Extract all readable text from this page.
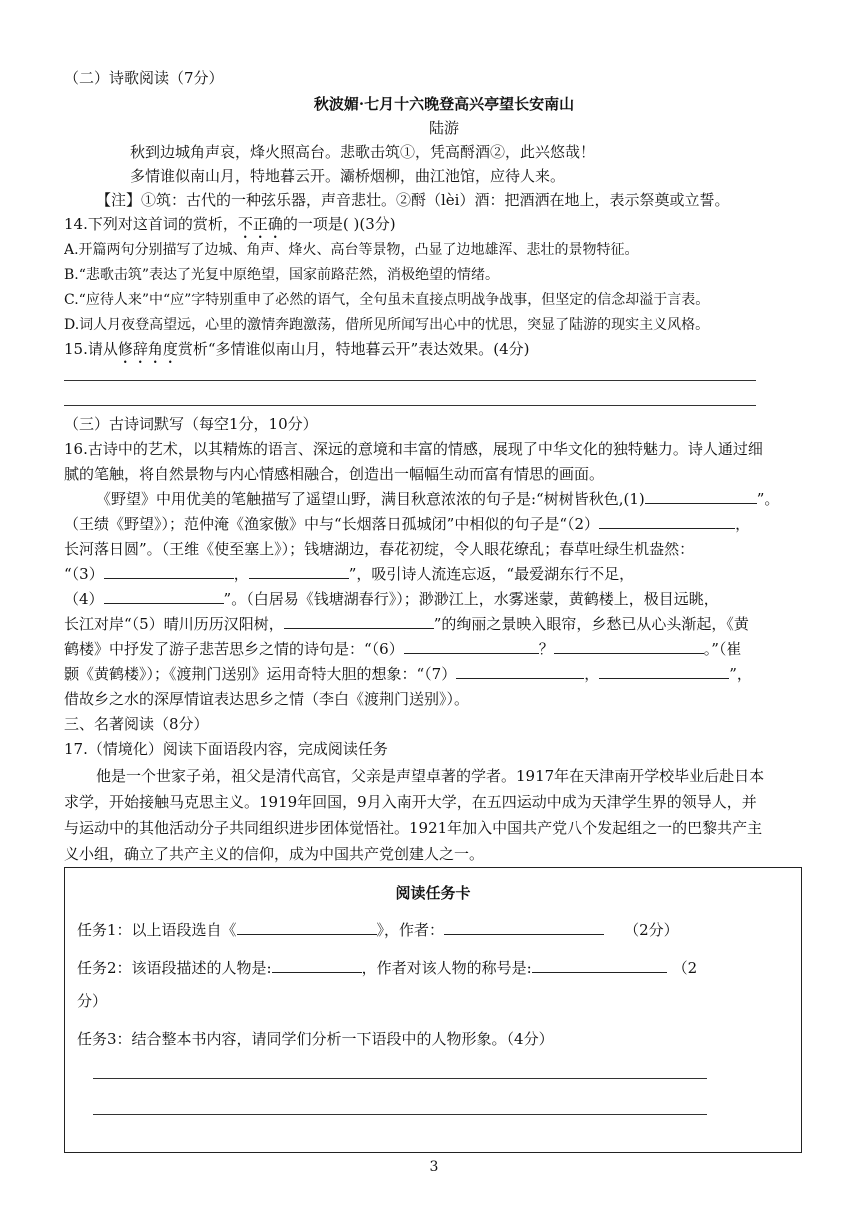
（二）诗歌阅读（7分）
秋波媚·七月十六晚登高兴亭望长安南山
陆游
秋到边城角声哀，烽火照高台。悲歌击筑①，凭高酹酒②，此兴悠哉！
多情谁似南山月，特地暮云开。灞桥烟柳，曲江池馆，应待人来。
【注】①筑：古代的一种弦乐器，声音悲壮。②酹（lèi）酒：把酒洒在地上，表示祭奠或立誓。
14.下列对这首词的赏析，不正确的一项是( )(3分)
A.开篇两句分别描写了边城、角声、烽火、高台等景物，凸显了边地雄浑、悲壮的景物特征。
B.“悲歌击筑”表达了光复中原绝望，国家前路茫然，消极绝望的情绪。
C.“应待人来”中“应”字特别重申了必然的语气，全句虽未直接点明战争战事，但坚定的信念却溢于言表。
D.词人月夜登高望远，心里的激情奔跑激荡，借所见所闻写出心中的忧思，突显了陆游的现实主义风格。
15.请从修辞角度赏析“多情谁似南山月，特地暮云开”表达效果。(4分)
（三）古诗词默写（每空1分，10分）
16.古诗中的艺术，以其精炼的语言、深远的意境和丰富的情感，展现了中华文化的独特魅力。诗人通过细
腻的笔触，将自然景物与内心情感相融合，创造出一幅幅生动而富有情思的画面。
《野望》中用优美的笔触描写了遥望山野，满目秋意浓浓的句子是:“树树皆秋色,(1)	”。
（王绩《野望》）；范仲淹《渔家傲》中与“长烟落日孤城闭”中相似的句子是“（2）	，
长河落日圆”。（王维《使至塞上》）；钱塘湖边，春花初绽，令人眼花缭乱；春草吐绿生机盎然：
“（3）	，	”，吸引诗人流连忘返，“最爱湖东行不足，
（4）	”。（白居易《钱塘湖春行》）；渺渺江上，水雾迷蒙，黄鹤楼上，极目远眺，
长江对岸“（5）晴川历历汉阳树，	”的绚丽之景映入眼帘，乡愁已从心头渐起，《黄
鹤楼》中抒发了游子悲苦思乡之情的诗句是：“（6）	？	。”（崔
颢《黄鹤楼》）；《渡荆门送别》运用奇特大胆的想象：“（7）	，	”，
借故乡之水的深厚情谊表达思乡之情（李白《渡荆门送别》）。
三、名著阅读（8分）
17.（情境化）阅读下面语段内容，完成阅读任务
他是一个世家子弟，祖父是清代高官，父亲是声望卓著的学者。1917年在天津南开学校毕业后赴日本
求学，开始接触马克思主义。1919年回国，9月入南开大学，在五四运动中成为天津学生界的领导人，并
与运动中的其他活动分子共同组织进步团体觉悟社。1921年加入中国共产党八个发起组之一的巴黎共产主
义小组，确立了共产主义的信仰，成为中国共产党创建人之一。
阅读任务卡
任务1：以上语段选自《	》，作者：	（2分）
任务2：该语段描述的人物是:	，作者对该人物的称号是:	（2
分）
任务3：结合整本书内容，请同学们分析一下语段中的人物形象。（4分）
3
